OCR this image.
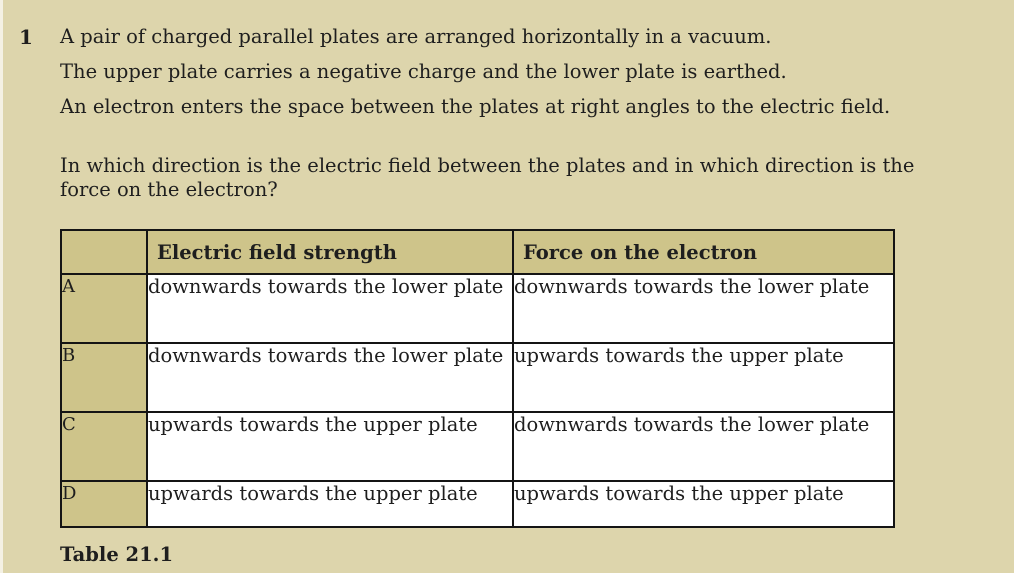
1 A pair of charged parallel plates are arranged horizontally in a vacuum.

The upper plate carries a negative charge and the lower plate is earthed.

An electron enters the space between the plates at right angles to the electric field.

In which direction is the electric field between the plates and in which direction is the force on the electron?

	Electric field strength	Force on the electron
A	downwards towards the lower plate	downwards towards the lower plate
B	downwards towards the lower plate	upwards towards the upper plate
C	upwards towards the upper plate	downwards towards the lower plate
D	upwards towards the upper plate	upwards towards the upper plate
Table 21.1
